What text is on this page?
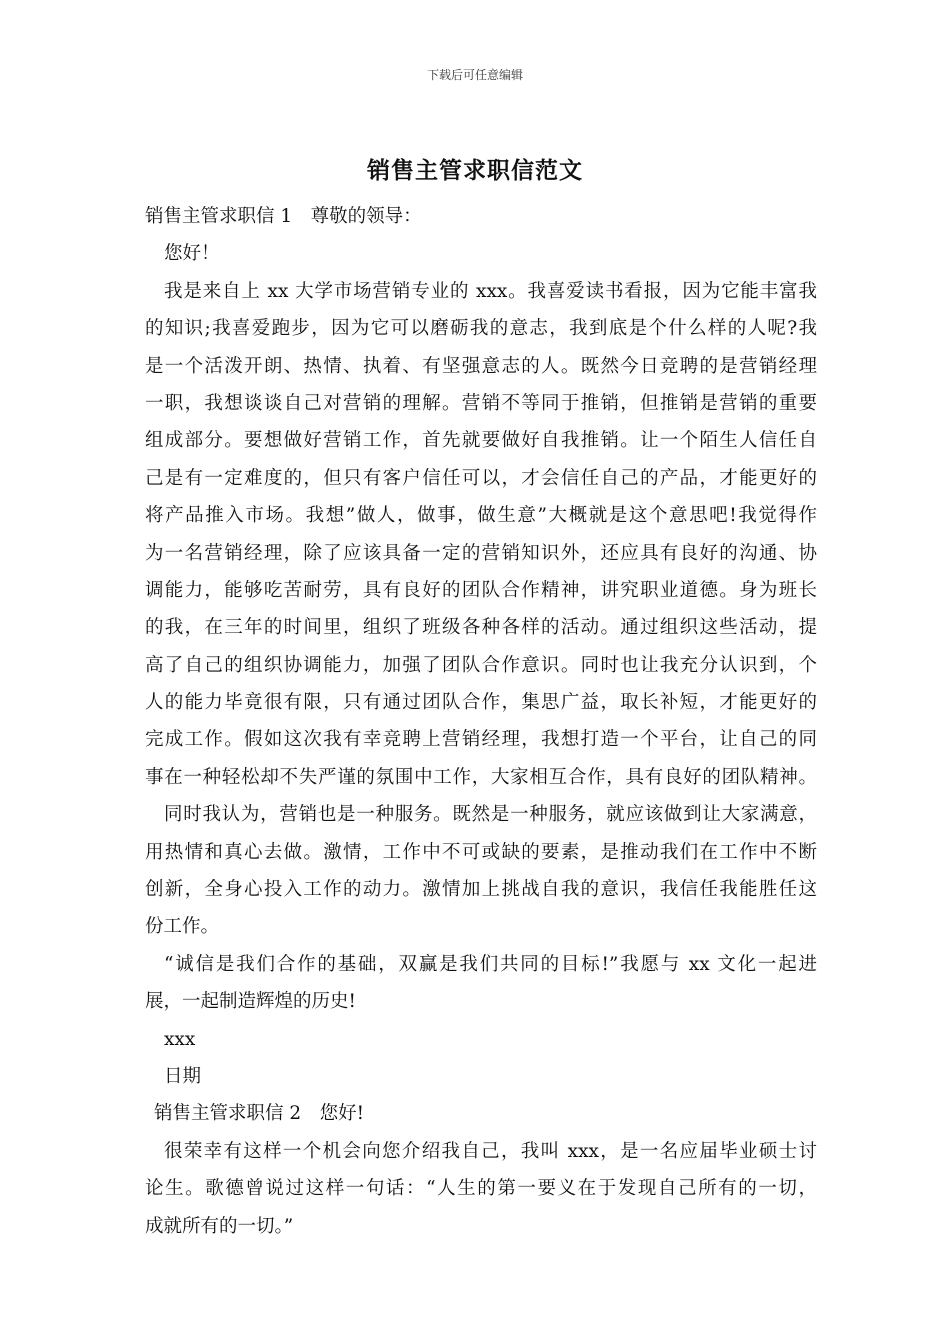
下载后可任意编辑
销售主管求职信范文
销售主管求职信 1　尊敬的领导：
您好！
我是来自上 xx 大学市场营销专业的 xxx。我喜爱读书看报，因为它能丰富我
的知识;我喜爱跑步，因为它可以磨砺我的意志，我到底是个什么样的人呢?我
是一个活泼开朗、热情、执着、有坚强意志的人。既然今日竞聘的是营销经理
一职，我想谈谈自己对营销的理解。营销不等同于推销，但推销是营销的重要
组成部分。要想做好营销工作，首先就要做好自我推销。让一个陌生人信任自
己是有一定难度的，但只有客户信任可以，才会信任自己的产品，才能更好的
将产品推入市场。我想”做人，做事，做生意”大概就是这个意思吧!我觉得作
为一名营销经理，除了应该具备一定的营销知识外，还应具有良好的沟通、协
调能力，能够吃苦耐劳，具有良好的团队合作精神，讲究职业道德。身为班长
的我，在三年的时间里，组织了班级各种各样的活动。通过组织这些活动，提
高了自己的组织协调能力，加强了团队合作意识。同时也让我充分认识到，个
人的能力毕竟很有限，只有通过团队合作，集思广益，取长补短，才能更好的
完成工作。假如这次我有幸竞聘上营销经理，我想打造一个平台，让自己的同
事在一种轻松却不失严谨的氛围中工作，大家相互合作，具有良好的团队精神。
同时我认为，营销也是一种服务。既然是一种服务，就应该做到让大家满意，
用热情和真心去做。激情，工作中不可或缺的要素，是推动我们在工作中不断
创新，全身心投入工作的动力。激情加上挑战自我的意识，我信任我能胜任这
份工作。
“诚信是我们合作的基础，双赢是我们共同的目标!”我愿与 xx 文化一起进
展，一起制造辉煌的历史!
xxx
日期
销售主管求职信 2　您好!
很荣幸有这样一个机会向您介绍我自己，我叫 xxx，是一名应届毕业硕士讨
论生。歌德曾说过这样一句话：“人生的第一要义在于发现自己所有的一切，
成就所有的一切。”
